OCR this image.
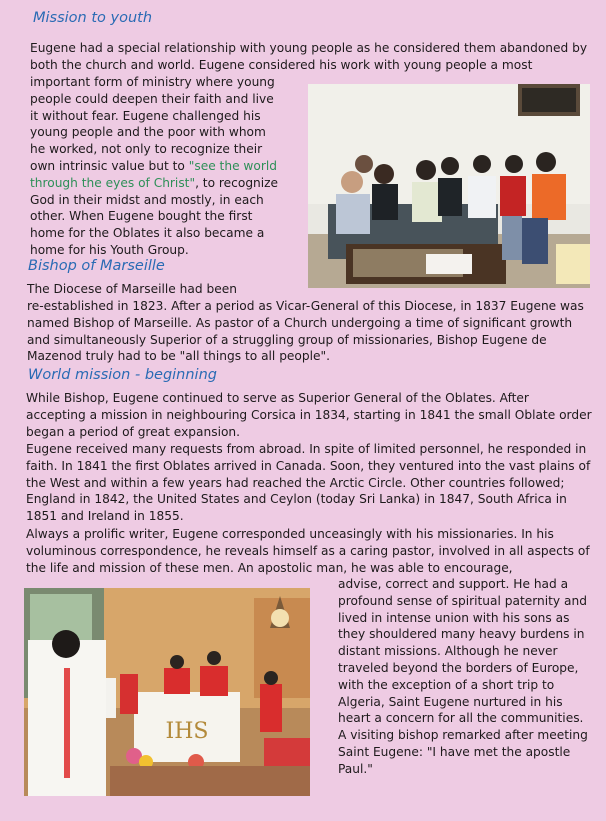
Mission to youth
Eugene had a special relationship with young people as he considered them abandoned by both the church and world. Eugene considered his work with young people a most
important form of ministry where young people could deepen their faith and live it without fear. Eugene challenged his young people and the poor with whom he worked, not only to recognize their own intrinsic value but to "see the world through the eyes of Christ", to recognize God in their midst and mostly, in each other. When Eugene bought the first home for the Oblates it also became a home for his Youth Group.
Bishop of Marseille
The Diocese of Marseille had been
re-established in 1823. After a period as Vicar-General of this Diocese, in 1837 Eugene was named Bishop of Marseille. As pastor of a Church undergoing a time of significant growth and simultaneously Superior of a struggling group of missionaries, Bishop Eugene de Mazenod truly had to be "all things to all people".
World mission - beginning
While Bishop, Eugene continued to serve as Superior General of the Oblates. After accepting a mission in neighbouring Corsica in 1834, starting in 1841 the small Oblate order began a period of great expansion.
Eugene received many requests from abroad. In spite of limited personnel, he responded in faith. In 1841 the first Oblates arrived in Canada. Soon, they ventured into the vast plains of the West and within a few years had reached the Arctic Circle. Other countries followed; England in 1842, the United States and Ceylon (today Sri Lanka) in 1847, South Africa in 1851 and Ireland in 1855.
Always a prolific writer, Eugene corresponded unceasingly with his missionaries. In his voluminous correspondence, he reveals himself as a caring pastor, involved in all aspects of the life and mission of these men. An apostolic man, he was able to encourage,
IHS
advise, correct and support. He had a profound sense of spiritual paternity and lived in intense union with his sons as they shouldered many heavy burdens in distant missions. Although he never traveled beyond the borders of Europe, with the exception of a short trip to Algeria, Saint Eugene nurtured in his heart a concern for all the communities. A visiting bishop remarked after meeting Saint Eugene: "I have met the apostle Paul."
